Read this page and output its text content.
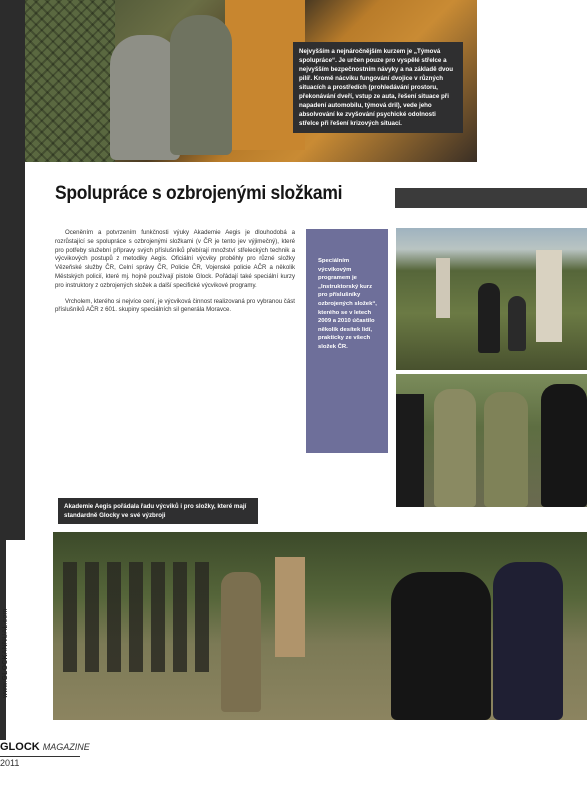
Nejvyšším a nejnáročnějším kurzem je „Týmová spolupráce“. Je určen pouze pro vyspělé střelce a nejvyšším bezpečnostním návyky a na základě dvou pilíř. Kromě nácviku fungování dvojice v různých situacích a prostředích (prohledávání prostoru, překonávání dveří, vstup ze auta, řešení situace při napadení automobilu, týmová dril), vede jeho absolvování ke zvyšování psychické odolnosti střelce při řešení krizových situací.
Spolupráce s ozbrojenými složkami

Oceněním a potvrzením funkčnosti výuky Akademie Aegis je dlouhodobá a rozrůstající se spolupráce s ozbrojenými složkami (v ČR je tento jev výjimečný), které pro potřeby služební přípravy svých příslušníků přebírají množství střeleckých technik a výcvikových postupů z metodiky Aegis. Oficiální výcviky proběhly pro různé složky Vězeňské služby ČR, Celní správy ČR, Policie ČR, Vojenské policie AČR a několik Městských policií, které mj. hojně používají pistole Glock. Pořádají také speciální kurzy pro instruktory z ozbrojených složek a další specifické výcvikové programy.

Vrcholem, kterého si nejvíce cení, je výcviková činnost realizovaná pro vybranou část příslušníků AČR z 601. skupiny speciálních sil generála Moravce.

Speciálním výcvikovým programem je „Instruktorský kurz pro příslušníky ozbrojených složek“, kterého se v letech 2009 a 2010 účastilo několik desítek lidí, prakticky ze všech složek ČR.
Akademie Aegis pořádala řadu výcviků i pro složky, které mají standardně Glocky ve své výzbroji
www.GLOCKANNUAL.com
GLOCK MAGAZINE
2011
